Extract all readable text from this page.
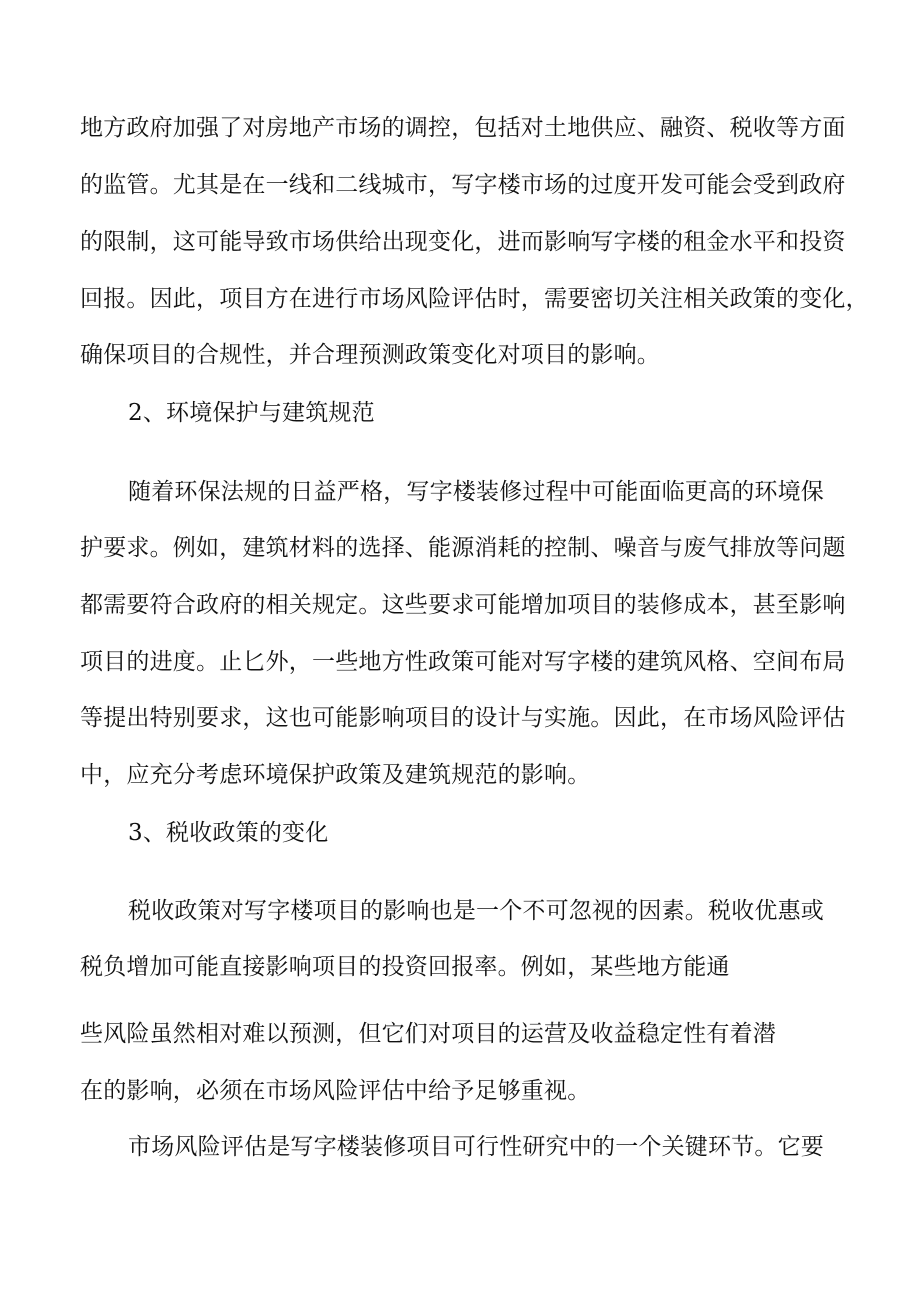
地方政府加强了对房地产市场的调控，包括对土地供应、融资、税收等方面
的监管。尤其是在一线和二线城市，写字楼市场的过度开发可能会受到政府
的限制，这可能导致市场供给出现变化，进而影响写字楼的租金水平和投资
回报。因此，项目方在进行市场风险评估时，需要密切关注相关政策的变化，
确保项目的合规性，并合理预测政策变化对项目的影响。
2、环境保护与建筑规范
随着环保法规的日益严格，写字楼装修过程中可能面临更高的环境保
护要求。例如，建筑材料的选择、能源消耗的控制、噪音与废气排放等问题
都需要符合政府的相关规定。这些要求可能增加项目的装修成本，甚至影响
项目的进度。止匕外，一些地方性政策可能对写字楼的建筑风格、空间布局
等提出特别要求，这也可能影响项目的设计与实施。因此，在市场风险评估
中，应充分考虑环境保护政策及建筑规范的影响。
3、税收政策的变化
税收政策对写字楼项目的影响也是一个不可忽视的因素。税收优惠或
税负增加可能直接影响项目的投资回报率。例如，某些地方能通
些风险虽然相对难以预测，但它们对项目的运营及收益稳定性有着潜
在的影响，必须在市场风险评估中给予足够重视。
市场风险评估是写字楼装修项目可行性研究中的一个关键环节。它要
